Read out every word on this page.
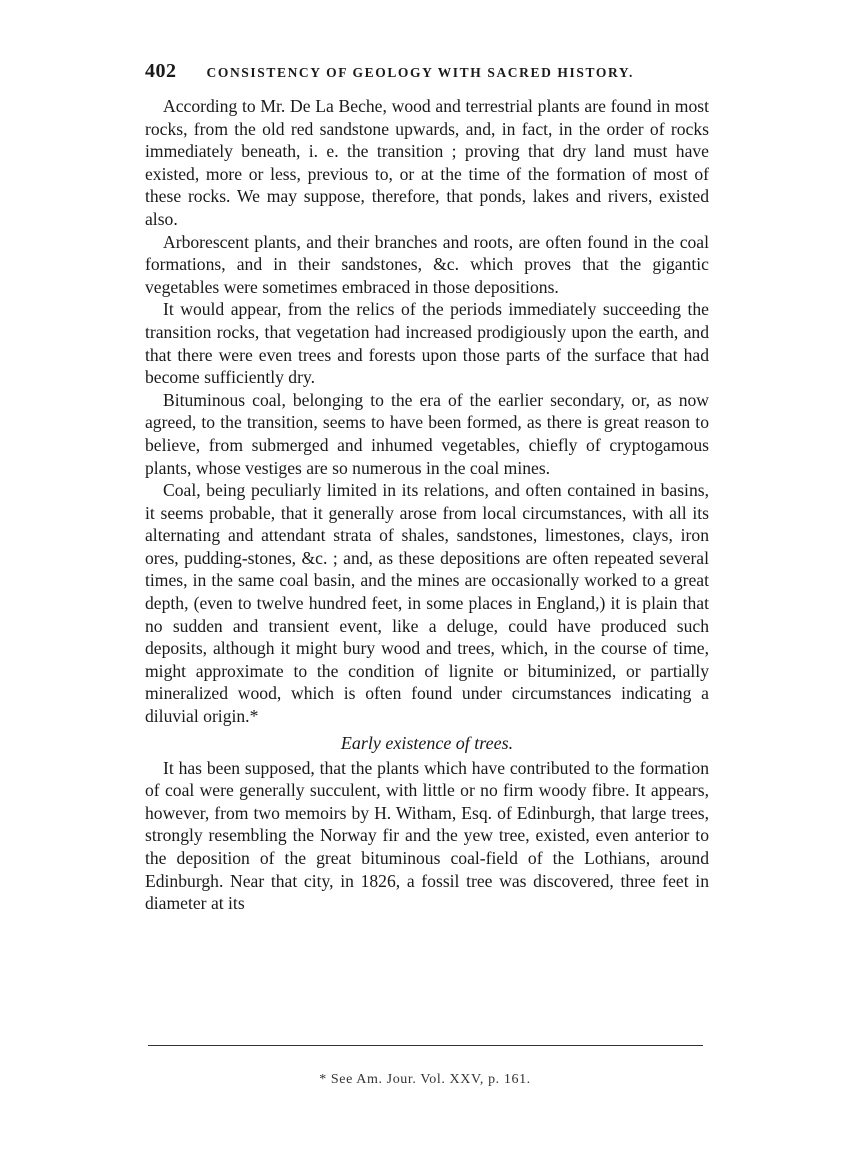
402 CONSISTENCY OF GEOLOGY WITH SACRED HISTORY.

According to Mr. De La Beche, wood and terrestrial plants are found in most rocks, from the old red sandstone upwards, and, in fact, in the order of rocks immediately beneath, i. e. the transition ; proving that dry land must have existed, more or less, previous to, or at the time of the formation of most of these rocks. We may suppose, therefore, that ponds, lakes and rivers, existed also.

Arborescent plants, and their branches and roots, are often found in the coal formations, and in their sandstones, &c. which proves that the gigantic vegetables were sometimes embraced in those depositions.

It would appear, from the relics of the periods immediately succeeding the transition rocks, that vegetation had increased prodigiously upon the earth, and that there were even trees and forests upon those parts of the surface that had become sufficiently dry.

Bituminous coal, belonging to the era of the earlier secondary, or, as now agreed, to the transition, seems to have been formed, as there is great reason to believe, from submerged and inhumed vegetables, chiefly of cryptogamous plants, whose vestiges are so numerous in the coal mines.

Coal, being peculiarly limited in its relations, and often contained in basins, it seems probable, that it generally arose from local circumstances, with all its alternating and attendant strata of shales, sandstones, limestones, clays, iron ores, pudding-stones, &c. ; and, as these depositions are often repeated several times, in the same coal basin, and the mines are occasionally worked to a great depth, (even to twelve hundred feet, in some places in England,) it is plain that no sudden and transient event, like a deluge, could have produced such deposits, although it might bury wood and trees, which, in the course of time, might approximate to the condition of lignite or bituminized, or partially mineralized wood, which is often found under circumstances indicating a diluvial origin.*

Early existence of trees.

It has been supposed, that the plants which have contributed to the formation of coal were generally succulent, with little or no firm woody fibre. It appears, however, from two memoirs by H. Witham, Esq. of Edinburgh, that large trees, strongly resembling the Norway fir and the yew tree, existed, even anterior to the deposition of the great bituminous coal-field of the Lothians, around Edinburgh. Near that city, in 1826, a fossil tree was discovered, three feet in diameter at its

* See Am. Jour. Vol. XXV, p. 161.
